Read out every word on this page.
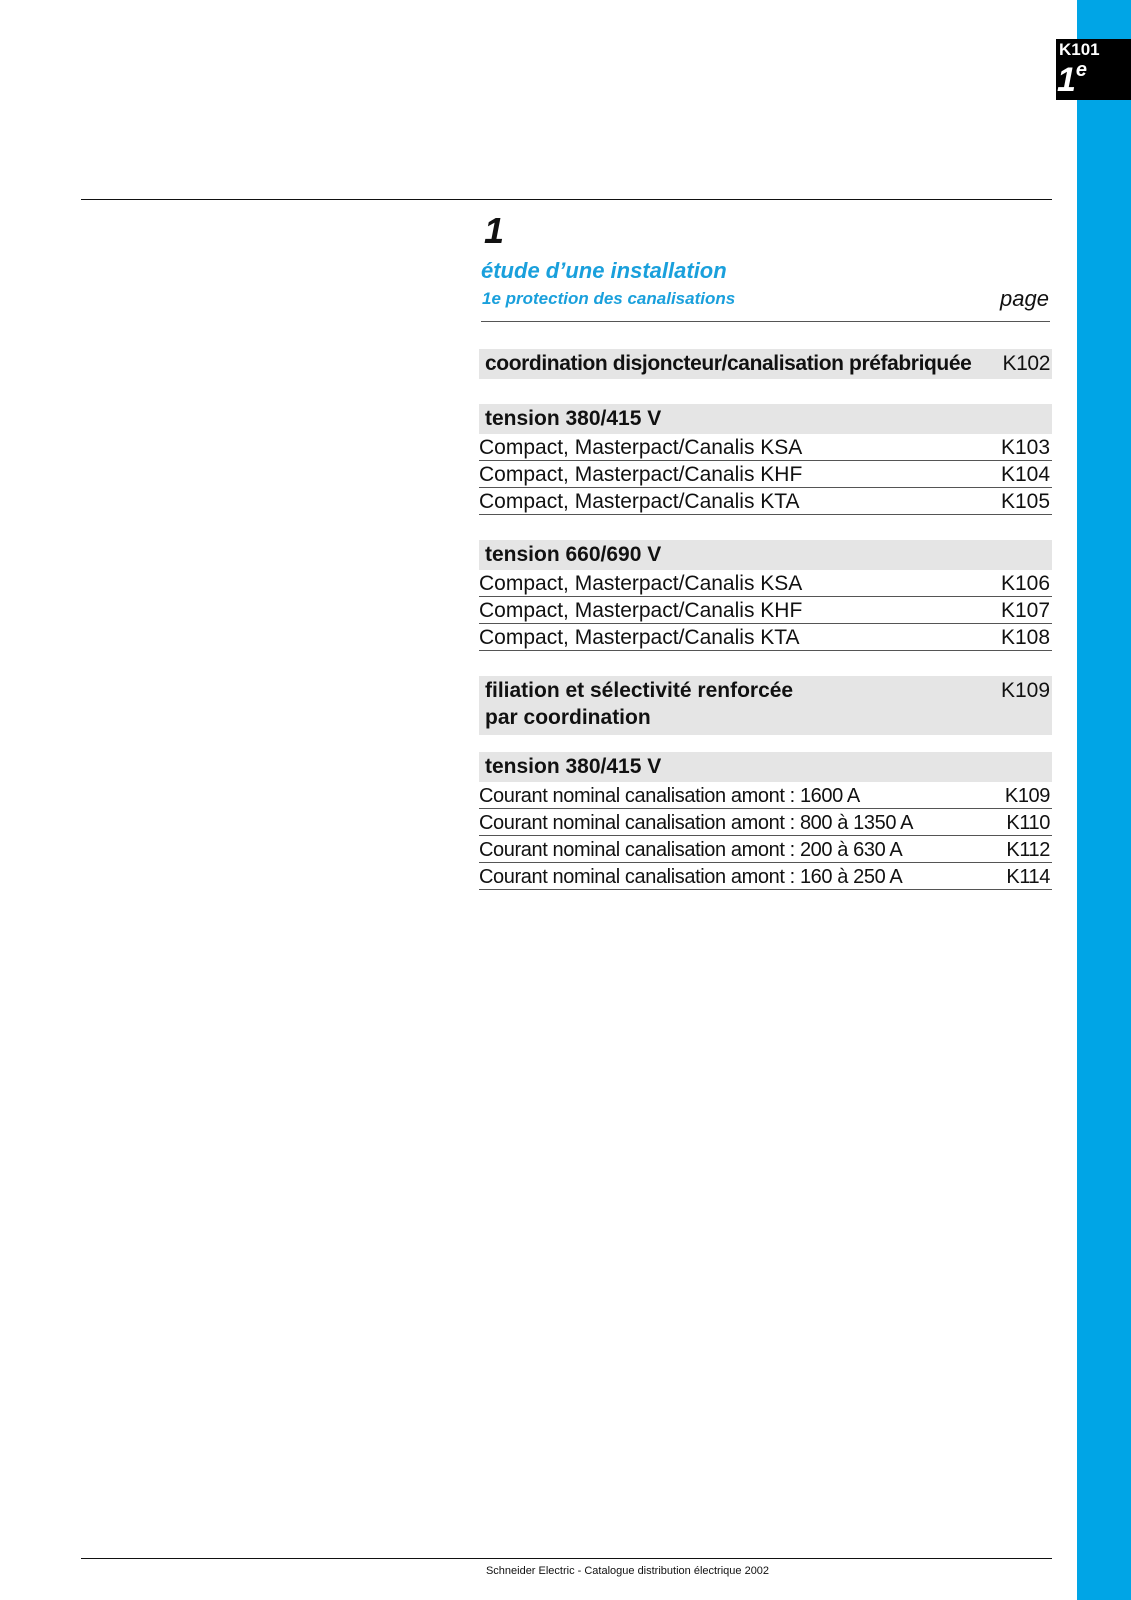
K101
1 $^e$
1
étude d’une installation
1e protection des canalisations	page
coordination disjoncteur/canalisation préfabriquée K102
tension 380/415 V
Compact, Masterpact/Canalis KSA	K103
Compact, Masterpact/Canalis KHF	K104
Compact, Masterpact/Canalis KTA	K105
tension 660/690 V
Compact, Masterpact/Canalis KSA	K106
Compact, Masterpact/Canalis KHF	K107
Compact, Masterpact/Canalis KTA	K108
filiation et sélectivité renforcée
par coordination
K109
tension 380/415 V
Courant nominal canalisation amont : 1600 A	K109
Courant nominal canalisation amont : 800 à 1350 A	K110
Courant nominal canalisation amont : 200 à 630 A	K112
Courant nominal canalisation amont : 160 à 250 A	K114
Schneider Electric - Catalogue distribution électrique 2002
